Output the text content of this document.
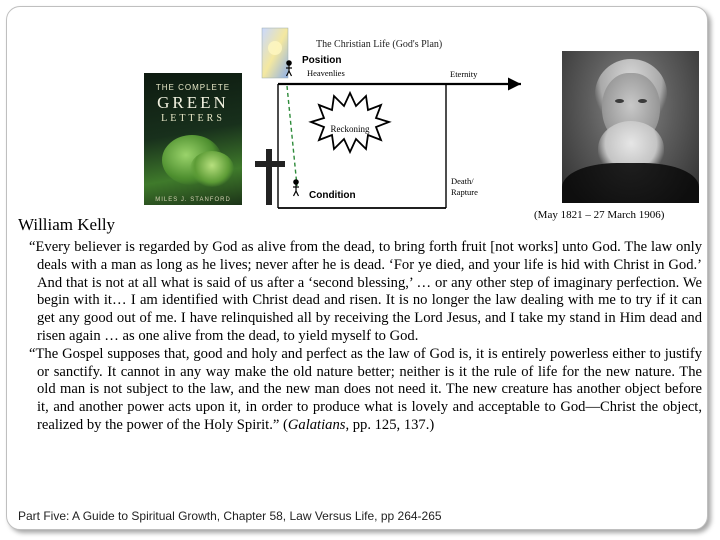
THE COMPLETE
GREEN
LETTERS
MILES J. STANFORD
The Christian Life (God's Plan)
Position
Heavenlies	Eternity
Reckoning
Condition
Death/
Rapture
(May 1821 – 27 March 1906)
William Kelly

“Every believer is regarded by God as alive from the dead, to bring forth fruit [not works] unto God. The law only deals with a man as long as he lives; never after he is dead. ‘For ye died, and your life is hid with Christ in God.’ And that is not at all what is said of us after a ‘second blessing,’ … or any other step of imaginary perfection. We begin with it… I am identified with Christ dead and risen. It is no longer the law dealing with me to try if it can get any good out of me. I have relinquished all by receiving the Lord Jesus, and I take my stand in Him dead and risen again … as one alive from the dead, to yield myself to God.

“The Gospel supposes that, good and holy and perfect as the law of God is, it is entirely powerless either to justify or sanctify. It cannot in any way make the old nature better; neither is it the rule of life for the new nature. The old man is not subject to the law, and the new man does not need it. The new creature has another object before it, and another power acts upon it, in order to produce what is lovely and acceptable to God—Christ the object, realized by the power of the Holy Spirit.” (Galatians, pp. 125, 137.)

Part Five: A Guide to Spiritual Growth, Chapter 58, Law Versus Life, pp 264-265
